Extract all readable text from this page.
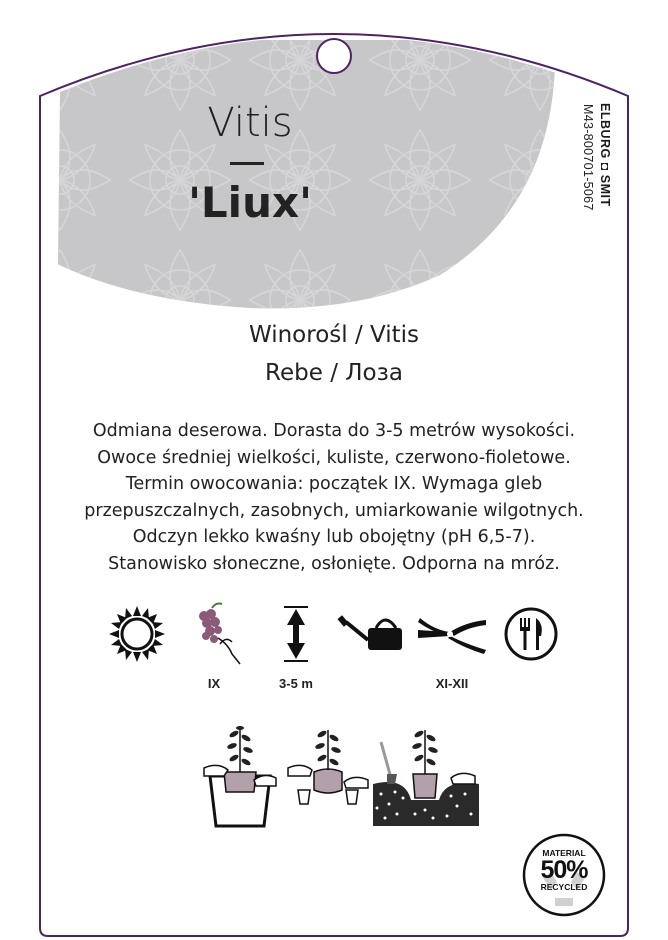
Vitis
'Liux'
Winorośl / Vitis
Rebe / Лоза
Odmiana deserowa. Dorasta do 3-5 metrów wysokości.
Owoce średniej wielkości, kuliste, czerwono-fioletowe.
Termin owocowania: początek IX. Wymaga gleb
przepuszczalnych, zasobnych, umiarkowanie wilgotnych.
Odczyn lekko kwaśny lub obojętny (pH 6,5-7).
Stanowisko słoneczne, osłonięte. Odporna na mróz.
IX	3-5 m	XI-XII
ELBURG ◘ SMIT
M43-800701-5067
MATERIAL
50%
RECYCLED
